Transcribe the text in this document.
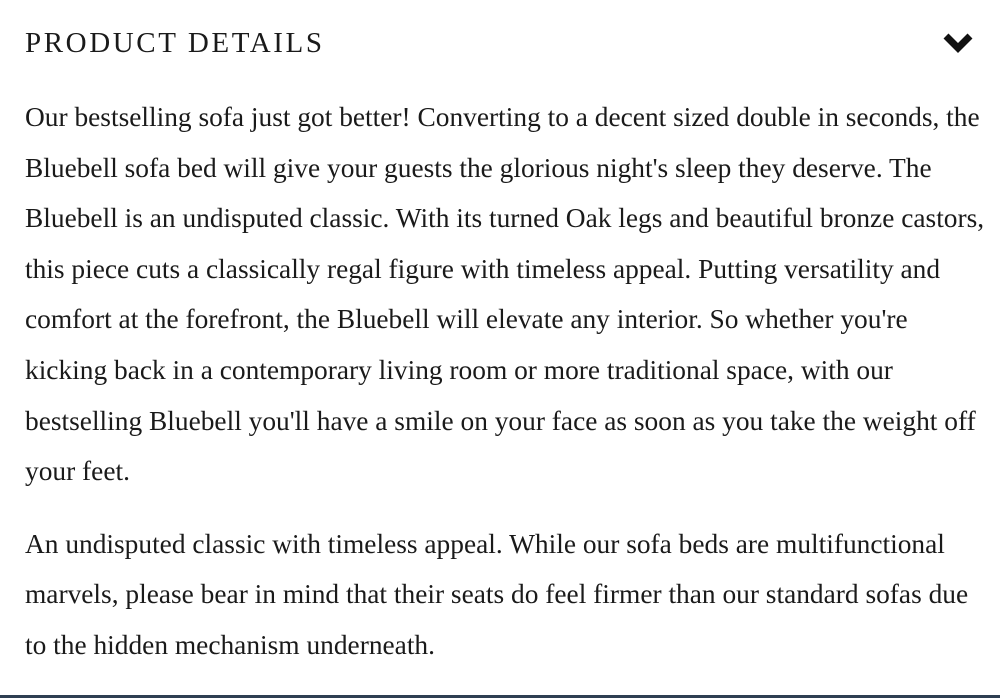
PRODUCT DETAILS

Our bestselling sofa just got better! Converting to a decent sized double in seconds, the Bluebell sofa bed will give your guests the glorious night's sleep they deserve. The Bluebell is an undisputed classic. With its turned Oak legs and beautiful bronze castors, this piece cuts a classically regal figure with timeless appeal. Putting versatility and comfort at the forefront, the Bluebell will elevate any interior. So whether you're kicking back in a contemporary living room or more traditional space, with our bestselling Bluebell you'll have a smile on your face as soon as you take the weight off your feet.

An undisputed classic with timeless appeal. While our sofa beds are multifunctional marvels, please bear in mind that their seats do feel firmer than our standard sofas due to the hidden mechanism underneath.
